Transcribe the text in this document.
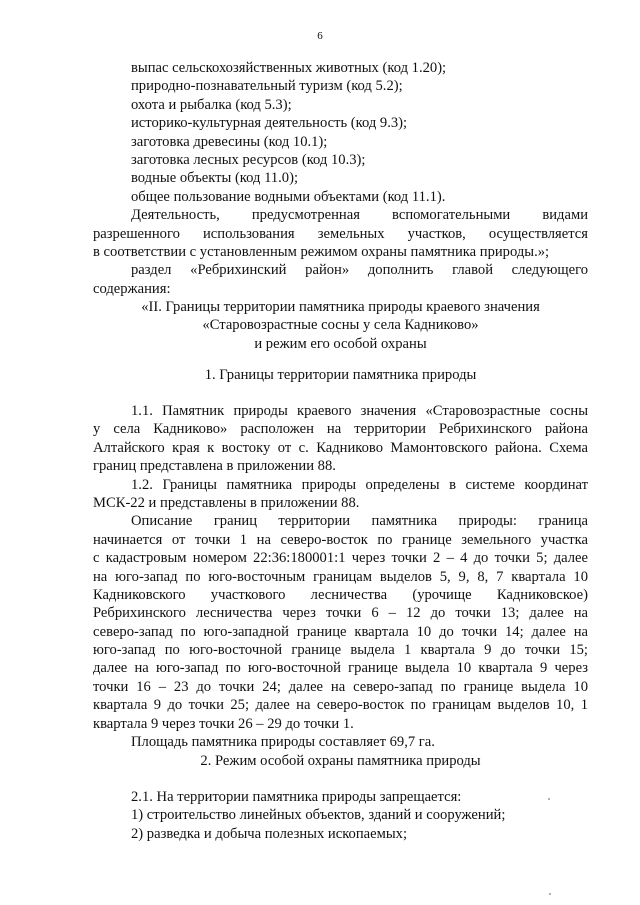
6
выпас сельскохозяйственных животных (код 1.20);
природно-познавательный туризм (код 5.2);
охота и рыбалка (код 5.3);
историко-культурная деятельность (код 9.3);
заготовка древесины (код 10.1);
заготовка лесных ресурсов (код 10.3);
водные объекты (код 11.0);
общее пользование водными объектами (код 11.1).
Деятельность, предусмотренная вспомогательными видами
разрешенного использования земельных участков, осуществляется
в соответствии с установленным режимом охраны памятника природы.»;
раздел «Ребрихинский район» дополнить главой следующего
содержания:
«II. Границы территории памятника природы краевого значения
«Старовозрастные сосны у села Кадниково»
и режим его особой охраны
1. Границы территории памятника природы
1.1. Памятник природы краевого значения «Старовозрастные сосны
у села Кадниково» расположен на территории Ребрихинского района
Алтайского края к востоку от с. Кадниково Мамонтовского района. Схема
границ представлена в приложении 88.
1.2. Границы памятника природы определены в системе координат
МСК-22 и представлены в приложении 88.
Описание границ территории памятника природы: граница
начинается от точки 1 на северо-восток по границе земельного участка
с кадастровым номером 22:36:180001:1 через точки 2 – 4 до точки 5; далее
на юго-запад по юго-восточным границам выделов 5, 9, 8, 7 квартала 10
Кадниковского участкового лесничества (урочище Кадниковское)
Ребрихинского лесничества через точки 6 – 12 до точки 13; далее на
северо-запад по юго-западной границе квартала 10 до точки 14; далее на
юго-запад по юго-восточной границе выдела 1 квартала 9 до точки 15;
далее на юго-запад по юго-восточной границе выдела 10 квартала 9 через
точки 16 – 23 до точки 24; далее на северо-запад по границе выдела 10
квартала 9 до точки 25; далее на северо-восток по границам выделов 10, 1
квартала 9 через точки 26 – 29 до точки 1.
Площадь памятника природы составляет 69,7 га.
2. Режим особой охраны памятника природы
2.1. На территории памятника природы запрещается:
1) строительство линейных объектов, зданий и сооружений;
2) разведка и добыча полезных ископаемых;
